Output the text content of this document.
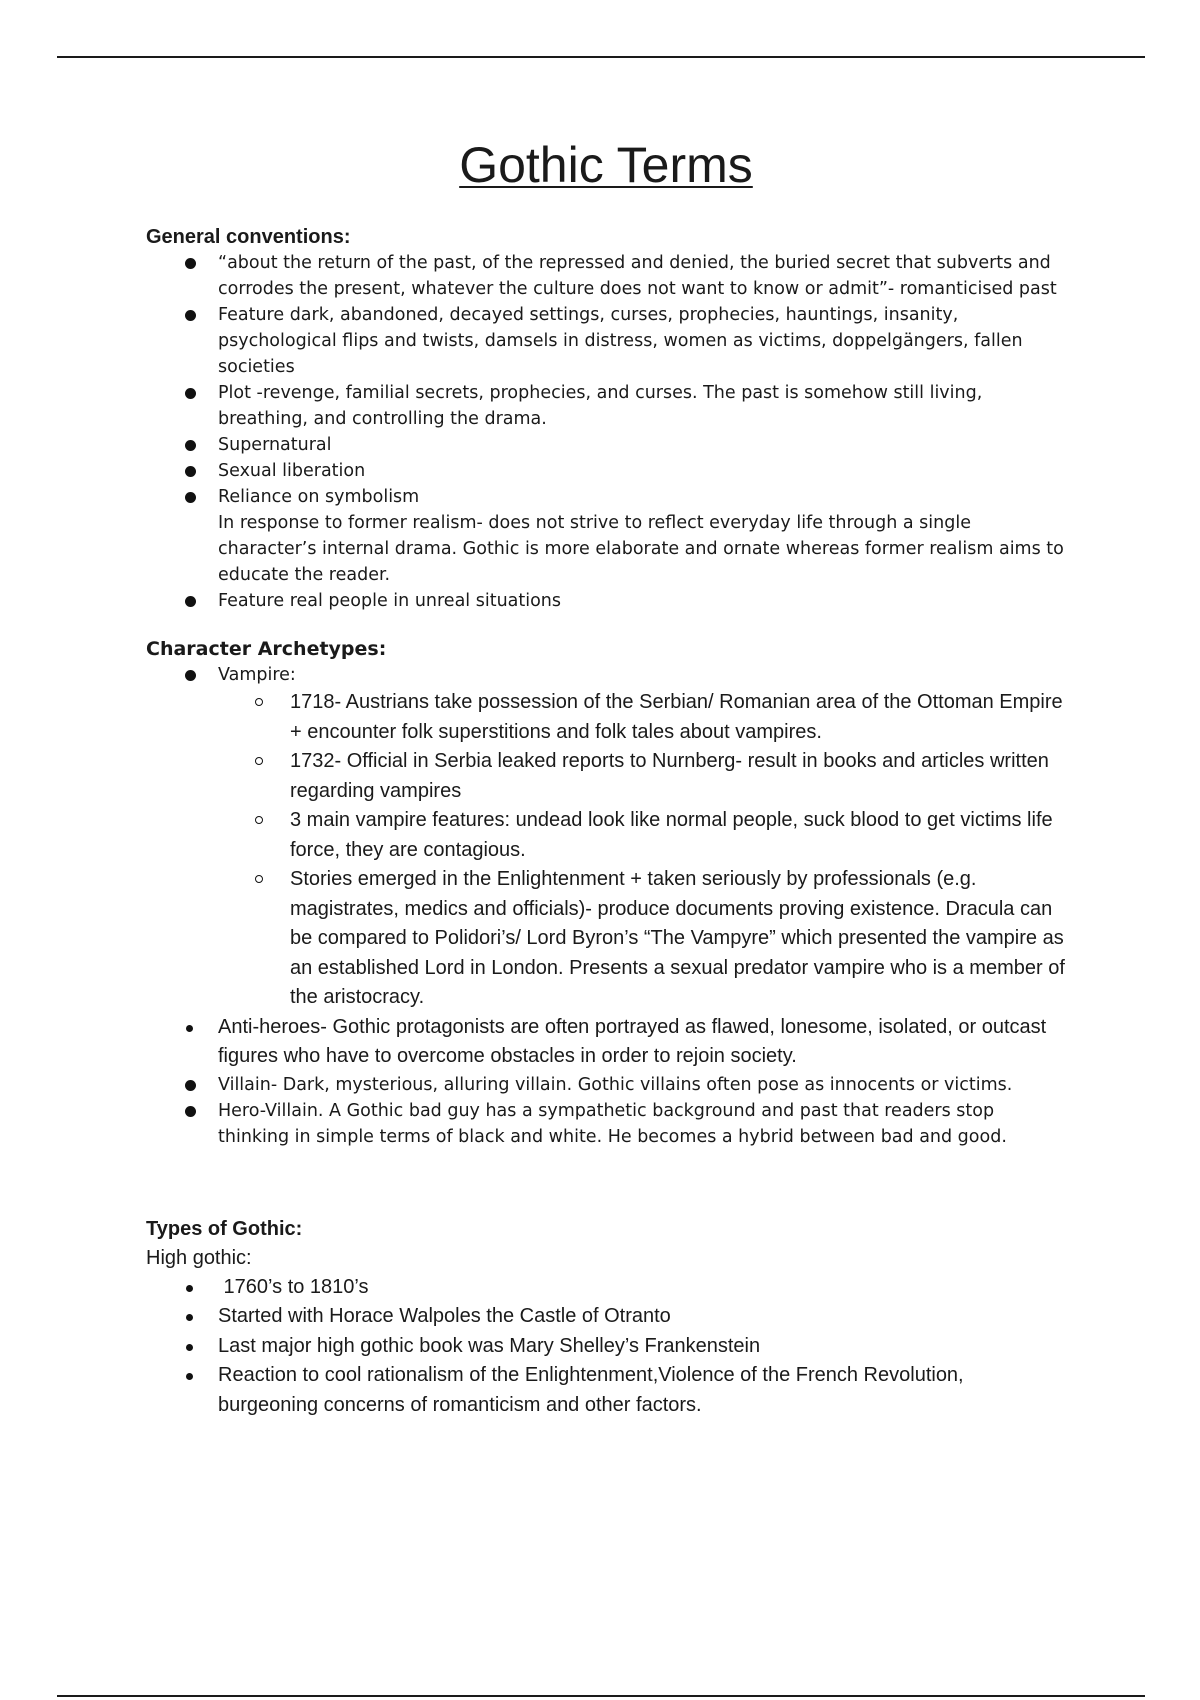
Gothic Terms

General conventions:

“about the return of the past, of the repressed and denied, the buried secret that subverts and corrodes the present, whatever the culture does not want to know or admit”- romanticised past
Feature dark, abandoned, decayed settings, curses, prophecies, hauntings, insanity, psychological flips and twists, damsels in distress, women as victims, doppelgängers, fallen societies
Plot -revenge, familial secrets, prophecies, and curses. The past is somehow still living, breathing, and controlling the drama.
Supernatural
Sexual liberation
Reliance on symbolism
In response to former realism- does not strive to reflect everyday life through a single character’s internal drama. Gothic is more elaborate and ornate whereas former realism aims to educate the reader.
Feature real people in unreal situations

Character Archetypes:

Vampire:
1718- Austrians take possession of the Serbian/ Romanian area of the Ottoman Empire + encounter folk superstitions and folk tales about vampires.
1732- Official in Serbia leaked reports to Nurnberg- result in books and articles written regarding vampires
3 main vampire features: undead look like normal people, suck blood to get victims life force, they are contagious.
Stories emerged in the Enlightenment + taken seriously by professionals (e.g. magistrates, medics and officials)- produce documents proving existence. Dracula can be compared to Polidori’s/ Lord Byron’s “The Vampyre” which presented the vampire as an established Lord in London. Presents a sexual predator vampire who is a member of the aristocracy.
Anti-heroes- Gothic protagonists are often portrayed as flawed, lonesome, isolated, or outcast figures who have to overcome obstacles in order to rejoin society.
Villain- Dark, mysterious, alluring villain. Gothic villains often pose as innocents or victims.
Hero-Villain. A Gothic bad guy has a sympathetic background and past that readers stop thinking in simple terms of black and white. He becomes a hybrid between bad and good.

Types of Gothic:

High gothic:

1760’s to 1810’s
Started with Horace Walpoles the Castle of Otranto
Last major high gothic book was Mary Shelley’s Frankenstein
Reaction to cool rationalism of the Enlightenment,Violence of the French Revolution, burgeoning concerns of romanticism and other factors.
